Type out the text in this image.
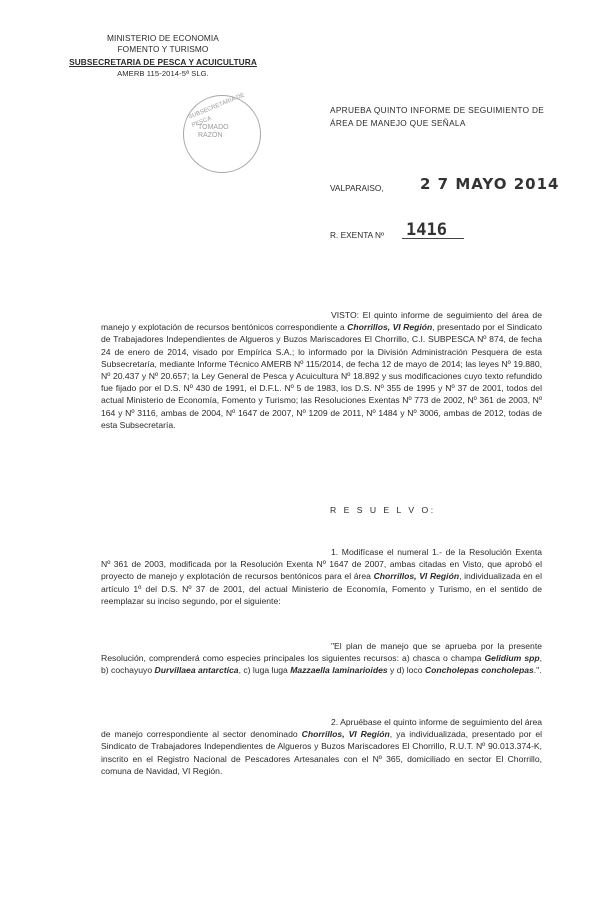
MINISTERIO DE ECONOMIA
FOMENTO Y TURISMO
SUBSECRETARIA DE PESCA Y ACUICULTURA
AMERB 115-2014-5ª SLG.
SUBSECRETARIA DE PESCA
TOMADO
RAZÓN
APRUEBA QUINTO INFORME DE SEGUIMIENTO DE ÁREA DE MANEJO QUE SEÑALA
VALPARAISO, 2 7 MAYO 2014
R. EXENTA Nº 1416
VISTO: El quinto informe de seguimiento del área de manejo y explotación de recursos bentónicos correspondiente a Chorrillos, VI Región, presentado por el Sindicato de Trabajadores Independientes de Algueros y Buzos Mariscadores El Chorrillo, C.I. SUBPESCA Nº 874, de fecha 24 de enero de 2014, visado por Empírica S.A.; lo informado por la División Administración Pesquera de esta Subsecretaría, mediante Informe Técnico AMERB Nº 115/2014, de fecha 12 de mayo de 2014; las leyes Nº 19.880, Nº 20.437 y Nº 20.657; la Ley General de Pesca y Acuicultura Nº 18.892 y sus modificaciones cuyo texto refundido fue fijado por el D.S. Nº 430 de 1991, el D.F.L. Nº 5 de 1983, los D.S. Nº 355 de 1995 y Nº 37 de 2001, todos del actual Ministerio de Economía, Fomento y Turismo; las Resoluciones Exentas Nº 773 de 2002, Nº 361 de 2003, Nº 164 y Nº 3116, ambas de 2004, Nº 1647 de 2007, Nº 1209 de 2011, Nº 1484 y Nº 3006, ambas de 2012, todas de esta Subsecretaría.
R E S U E L V O:
1. Modifícase el numeral 1.- de la Resolución Exenta Nº 361 de 2003, modificada por la Resolución Exenta Nº 1647 de 2007, ambas citadas en Visto, que aprobó el proyecto de manejo y explotación de recursos bentónicos para el área Chorrillos, VI Región, individualizada en el artículo 1º del D.S. Nº 37 de 2001, del actual Ministerio de Economía, Fomento y Turismo, en el sentido de reemplazar su inciso segundo, por el siguiente:
"El plan de manejo que se aprueba por la presente Resolución, comprenderá como especies principales los siguientes recursos: a) chasca o champa Gelidium spp, b) cochayuyo Durvillaea antarctica, c) luga luga Mazzaella laminarioides y d) loco Concholepas concholepas.".
2. Apruébase el quinto informe de seguimiento del área de manejo correspondiente al sector denominado Chorrillos, VI Región, ya individualizada, presentado por el Sindicato de Trabajadores Independientes de Algueros y Buzos Mariscadores El Chorrillo, R.U.T. Nº 90.013.374-K, inscrito en el Registro Nacional de Pescadores Artesanales con el Nº 365, domiciliado en sector El Chorrillo, comuna de Navidad, VI Región.
